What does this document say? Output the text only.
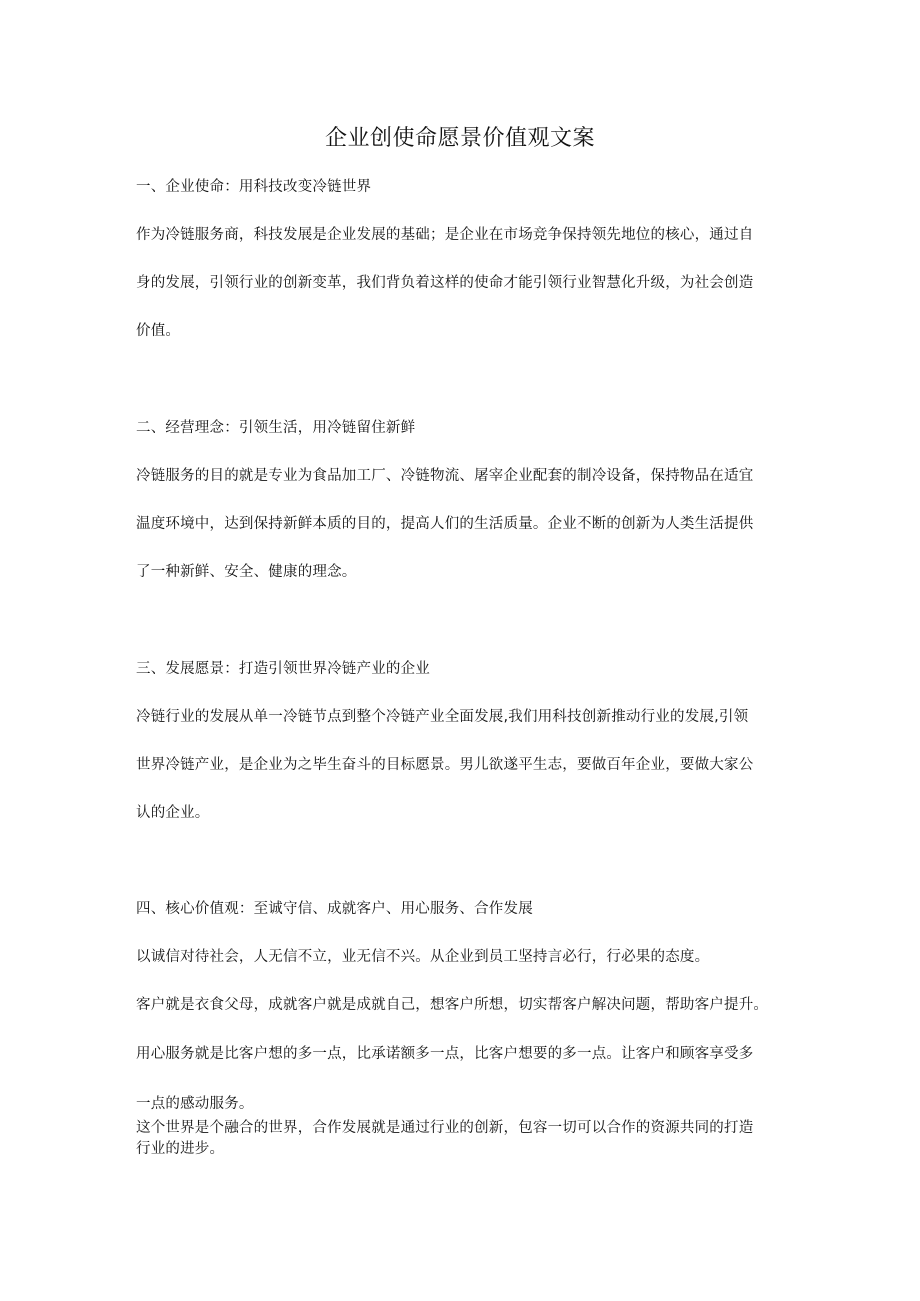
企业创使命愿景价值观文案
一、企业使命：用科技改变冷链世界
作为冷链服务商，科技发展是企业发展的基础；是企业在市场竞争保持领先地位的核心，通过自
身的发展，引领行业的创新变革，我们背负着这样的使命才能引领行业智慧化升级，为社会创造
价值。
二、经营理念：引领生活，用冷链留住新鲜
冷链服务的目的就是专业为食品加工厂、冷链物流、屠宰企业配套的制冷设备，保持物品在适宜
温度环境中，达到保持新鲜本质的目的，提高人们的生活质量。企业不断的创新为人类生活提供
了一种新鲜、安全、健康的理念。
三、发展愿景：打造引领世界冷链产业的企业
冷链行业的发展从单一冷链节点到整个冷链产业全面发展,我们用科技创新推动行业的发展,引领
世界冷链产业，是企业为之毕生奋斗的目标愿景。男儿欲遂平生志，要做百年企业，要做大家公
认的企业。
四、核心价值观：至诚守信、成就客户、用心服务、合作发展
以诚信对待社会，人无信不立，业无信不兴。从企业到员工坚持言必行，行必果的态度。
客户就是衣食父母，成就客户就是成就自己，想客户所想，切实帮客户解决问题，帮助客户提升。
用心服务就是比客户想的多一点，比承诺额多一点，比客户想要的多一点。让客户和顾客享受多
一点的感动服务。
这个世界是个融合的世界，合作发展就是通过行业的创新，包容一切可以合作的资源共同的打造
行业的进步。
